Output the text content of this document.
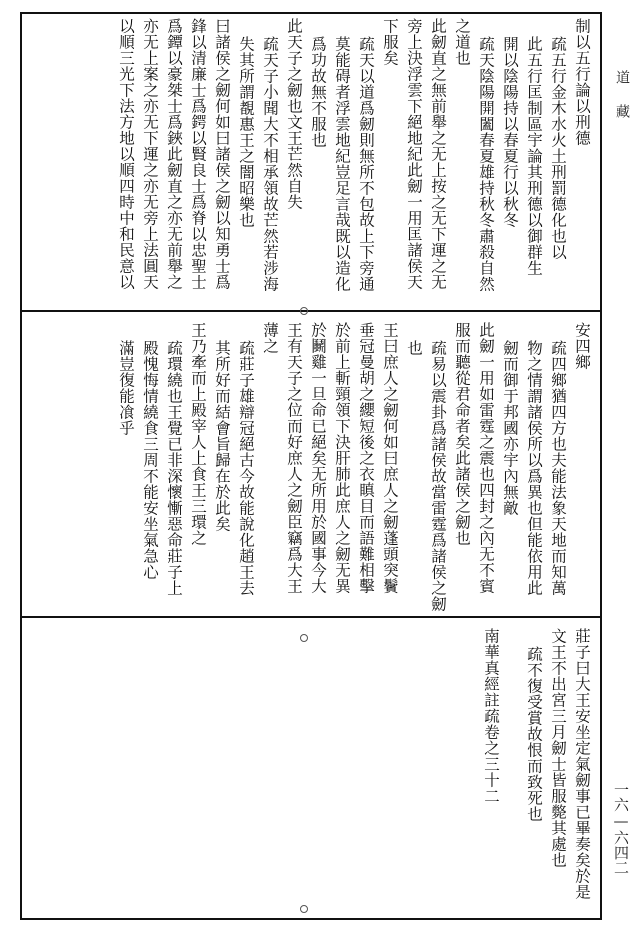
道藏
一六—六四二
制以五行論以刑德
疏五行金木水火土刑罰德化也以
此五行匡制區宇論其刑德以御群生
開以陰陽持以春夏行以秋冬
疏天陰陽開闔春夏雄持秋冬肅殺自然
之道也
此劒直之無前舉之无上按之无下運之无
旁上決浮雲下絕地紀此劒一用匡諸侯天
下服矣
疏天以道爲劒則無所不包故上下旁通
莫能碍者浮雲地紀豈足言哉既以造化
爲功故無不服也
此天子之劒也文王芒然自失
疏天子小聞大不相承領故芒然若涉海
失其所謂覩惠王之闇昭樂也
曰諸侯之劒何如曰諸侯之劒以知勇士爲
鋒以清廉士爲鍔以賢良士爲脊以忠聖士
爲鐔以豪桀士爲鋏此劒直之亦无前舉之
亦无上案之亦无下運之亦无旁上法圓天
以順三光下法方地以順四時中和民意以
安四鄉
疏四鄉猶四方也夫能法象天地而知萬
物之情謂諸侯所以爲異也但能依用此
劒而御于邦國亦宇內無敵
此劒一用如雷霆之震也四封之內无不賓
服而聽從君命者矣此諸侯之劒也
疏易以震卦爲諸侯故當雷霆爲諸侯之劒
也
王曰庶人之劒何如曰庶人之劒蓬頭突鬢
垂冠曼胡之纓短後之衣瞋目而語難相擊
於前上斬頸領下決肝肺此庶人之劒无異
於鬭雞一旦命已絕矣无所用於國事今大
王有天子之位而好庶人之劒臣竊爲大王
薄之
疏莊子雄辯冠絕古今故能說化趙王去
其所好而結會旨歸在於此矣
王乃牽而上殿宰人上食王三環之
疏環繞也王覺已非深懷慚惡命莊子上
殿愧悔情繞食三周不能安坐氣急心
滿豈復能飡乎
莊子曰大王安坐定氣劒事已畢奏矣於是
文王不出宮三月劒士皆服斃其處也
疏不復受賞故恨而致死也
南華真經註疏卷之三十二
